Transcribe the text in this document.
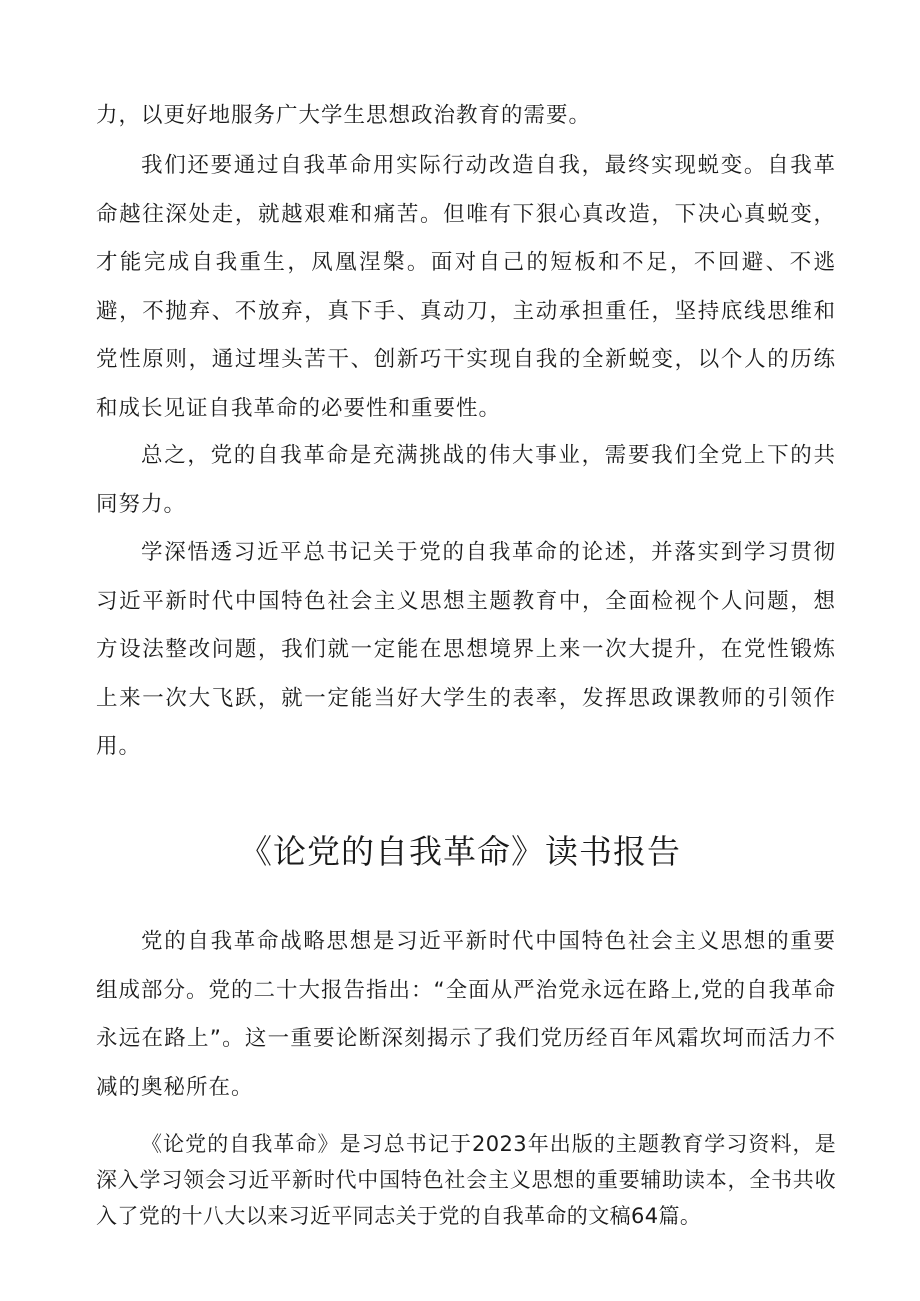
力，以更好地服务广大学生思想政治教育的需要。

我们还要通过自我革命用实际行动改造自我，最终实现蜕变。自我革命越往深处走，就越艰难和痛苦。但唯有下狠心真改造，下决心真蜕变，才能完成自我重生，凤凰涅槃。面对自己的短板和不足，不回避、不逃避，不抛弃、不放弃，真下手、真动刀，主动承担重任，坚持底线思维和党性原则，通过埋头苦干、创新巧干实现自我的全新蜕变，以个人的历练和成长见证自我革命的必要性和重要性。

总之，党的自我革命是充满挑战的伟大事业，需要我们全党上下的共同努力。

学深悟透习近平总书记关于党的自我革命的论述，并落实到学习贯彻习近平新时代中国特色社会主义思想主题教育中，全面检视个人问题，想方设法整改问题，我们就一定能在思想境界上来一次大提升，在党性锻炼上来一次大飞跃，就一定能当好大学生的表率，发挥思政课教师的引领作用。

《论党的自我革命》读书报告

党的自我革命战略思想是习近平新时代中国特色社会主义思想的重要组成部分。党的二十大报告指出：“全面从严治党永远在路上,党的自我革命永远在路上”。这一重要论断深刻揭示了我们党历经百年风霜坎坷而活力不减的奥秘所在。

《论党的自我革命》是习总书记于2023年出版的主题教育学习资料，是深入学习领会习近平新时代中国特色社会主义思想的重要辅助读本，全书共收入了党的十八大以来习近平同志关于党的自我革命的文稿64篇。
